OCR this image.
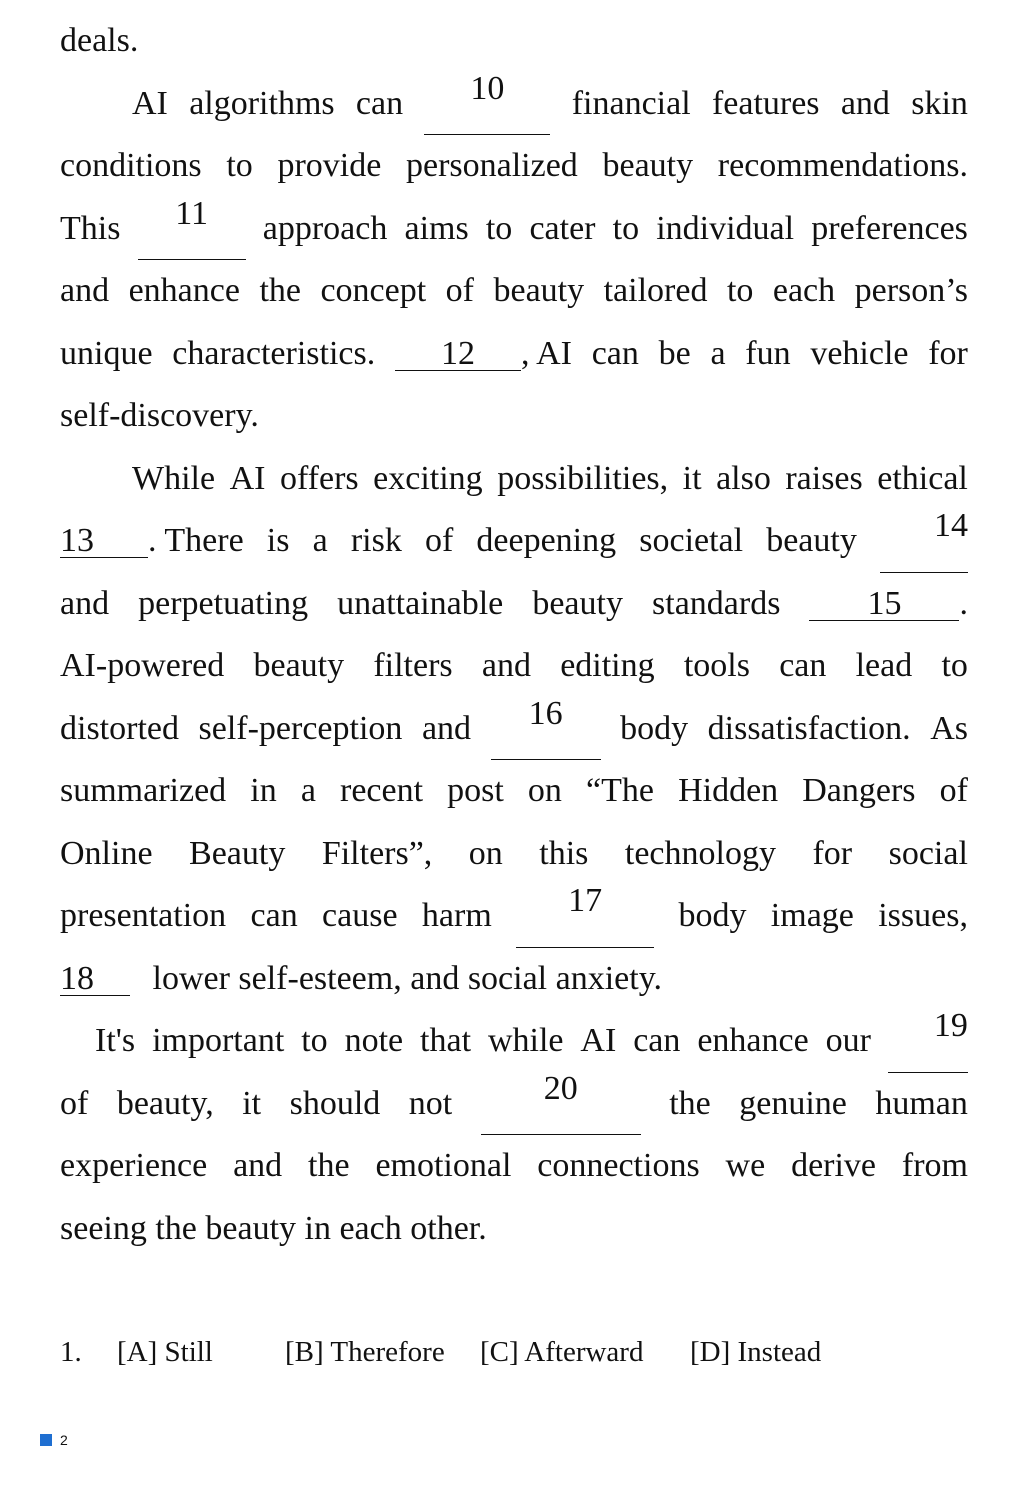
deals.
AI algorithms can	10	financial features and skin
conditions to provide personalized beauty recommendations.
This	11	approach aims to cater to individual preferences
and enhance the concept of beauty tailored to each person’s
unique characteristics.	12	, AI can be a fun vehicle for
self-discovery.
While AI offers exciting possibilities, it also raises ethical
13	. There is a risk of deepening societal beauty	14
and perpetuating unattainable beauty standards	15	.
AI-powered beauty filters and editing tools can lead to
distorted self-perception and	16	body dissatisfaction. As
summarized in a recent post on “The Hidden Dangers of
Online Beauty Filters”, on this technology for social
presentation can cause harm	17	body image issues,
18 lower self-esteem, and social anxiety.
It's important to note that while AI can enhance our	19
of beauty, it should not	20	the genuine human
experience and the emotional connections we derive from
seeing the beauty in each other.
1. [A] Still [B] Therefore [C] Afterward [D] Instead
2
